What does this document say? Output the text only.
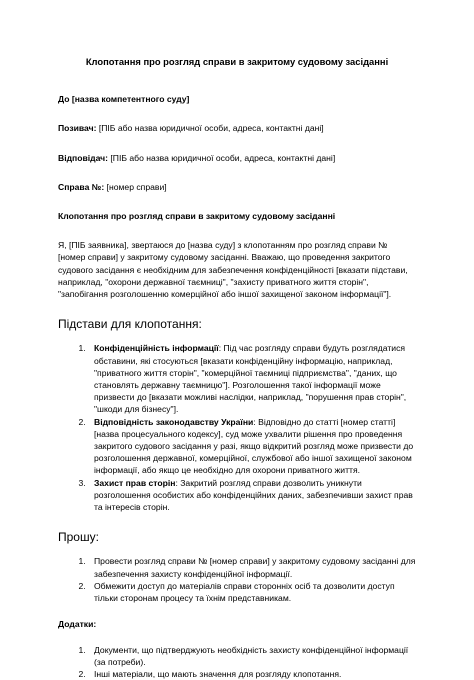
Клопотання про розгляд справи в закритому судовому засіданні
До [назва компетентного суду]
Позивач: [ПІБ або назва юридичної особи, адреса, контактні дані]
Відповідач: [ПІБ або назва юридичної особи, адреса, контактні дані]
Справа №: [номер справи]
Клопотання про розгляд справи в закритому судовому засіданні

Я, [ПІБ заявника], звертаюся до [назва суду] з клопотанням про розгляд справи № [номер справи] у закритому судовому засіданні. Вважаю, що проведення закритого судового засідання є необхідним для забезпечення конфіденційності [вказати підстави, наприклад, "охорони державної таємниці", "захисту приватного життя сторін", "запобігання розголошенню комерційної або іншої захищеної законом інформації"].

Підстави для клопотання:
1. Конфіденційність інформації: Під час розгляду справи будуть розглядатися обставини, які стосуються [вказати конфіденційну інформацію, наприклад, "приватного життя сторін", "комерційної таємниці підприємства", "даних, що становлять державну таємницю"]. Розголошення такої інформації може призвести до [вказати можливі наслідки, наприклад, "порушення прав сторін", "шкоди для бізнесу"].
2. Відповідність законодавству України: Відповідно до статті [номер статті] [назва процесуального кодексу], суд може ухвалити рішення про проведення закритого судового засідання у разі, якщо відкритий розгляд може призвести до розголошення державної, комерційної, службової або іншої захищеної законом інформації, або якщо це необхідно для охорони приватного життя.
3. Захист прав сторін: Закритий розгляд справи дозволить уникнути розголошення особистих або конфіденційних даних, забезпечивши захист прав та інтересів сторін.
Прошу:
1. Провести розгляд справи № [номер справи] у закритому судовому засіданні для забезпечення захисту конфіденційної інформації.
2. Обмежити доступ до матеріалів справи сторонніх осіб та дозволити доступ тільки сторонам процесу та їхнім представникам.
Додатки:
1. Документи, що підтверджують необхідність захисту конфіденційної інформації (за потреби).
2. Інші матеріали, що мають значення для розгляду клопотання.
